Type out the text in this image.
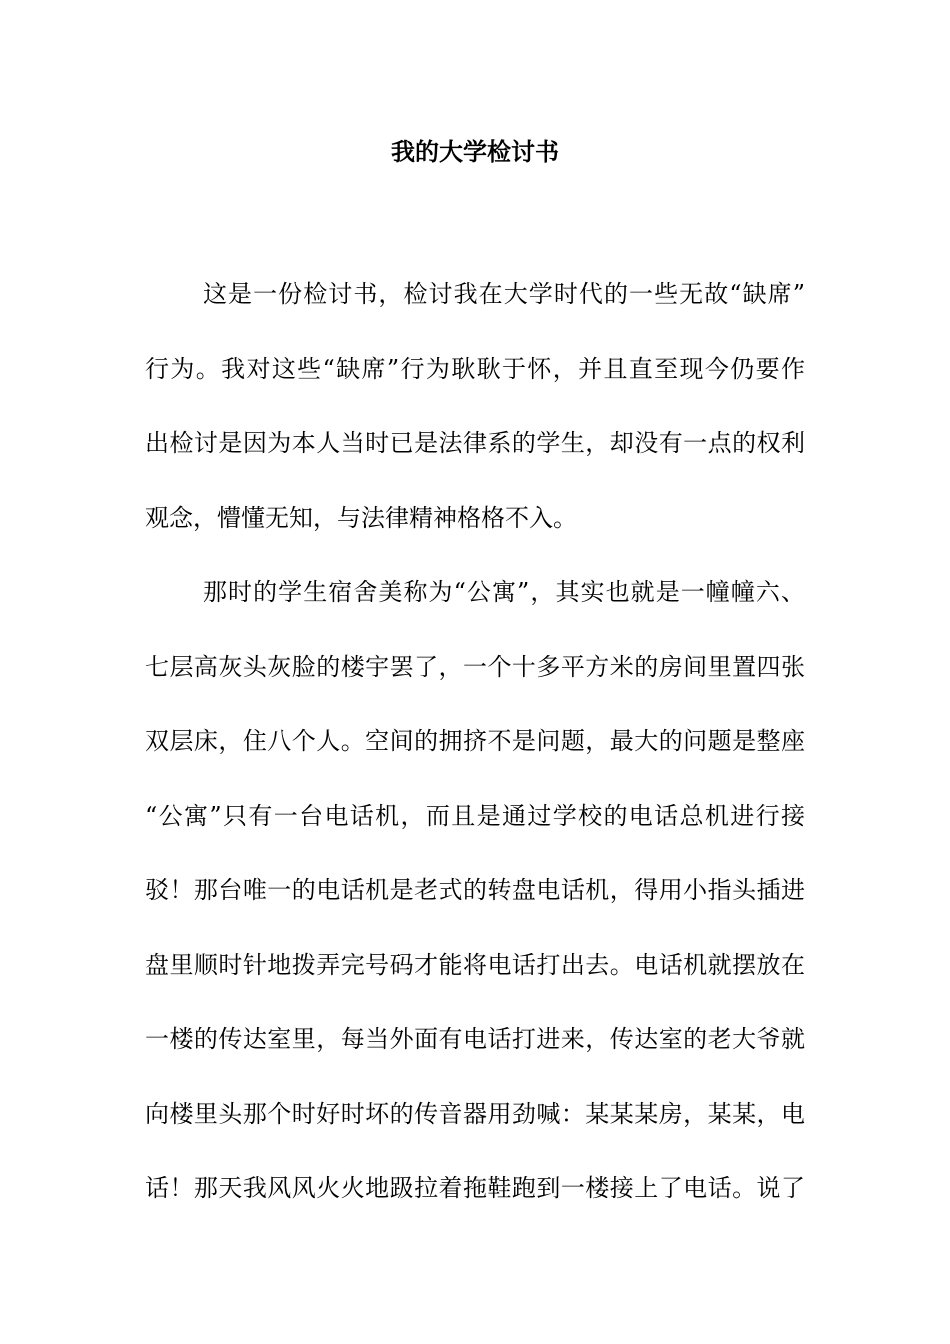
我的大学检讨书

这是一份检讨书，检讨我在大学时代的一些无故“缺席”
行为。我对这些“缺席”行为耿耿于怀，并且直至现今仍要作
出检讨是因为本人当时已是法律系的学生，却没有一点的权利
观念，懵懂无知，与法律精神格格不入。

那时的学生宿舍美称为“公寓”，其实也就是一幢幢六、
七层高灰头灰脸的楼宇罢了，一个十多平方米的房间里置四张
双层床，住八个人。空间的拥挤不是问题，最大的问题是整座
“公寓”只有一台电话机，而且是通过学校的电话总机进行接
驳！那台唯一的电话机是老式的转盘电话机，得用小指头插进
盘里顺时针地拨弄完号码才能将电话打出去。电话机就摆放在
一楼的传达室里，每当外面有电话打进来，传达室的老大爷就
向楼里头那个时好时坏的传音器用劲喊：某某某房，某某，电
话！那天我风风火火地趿拉着拖鞋跑到一楼接上了电话。说了
